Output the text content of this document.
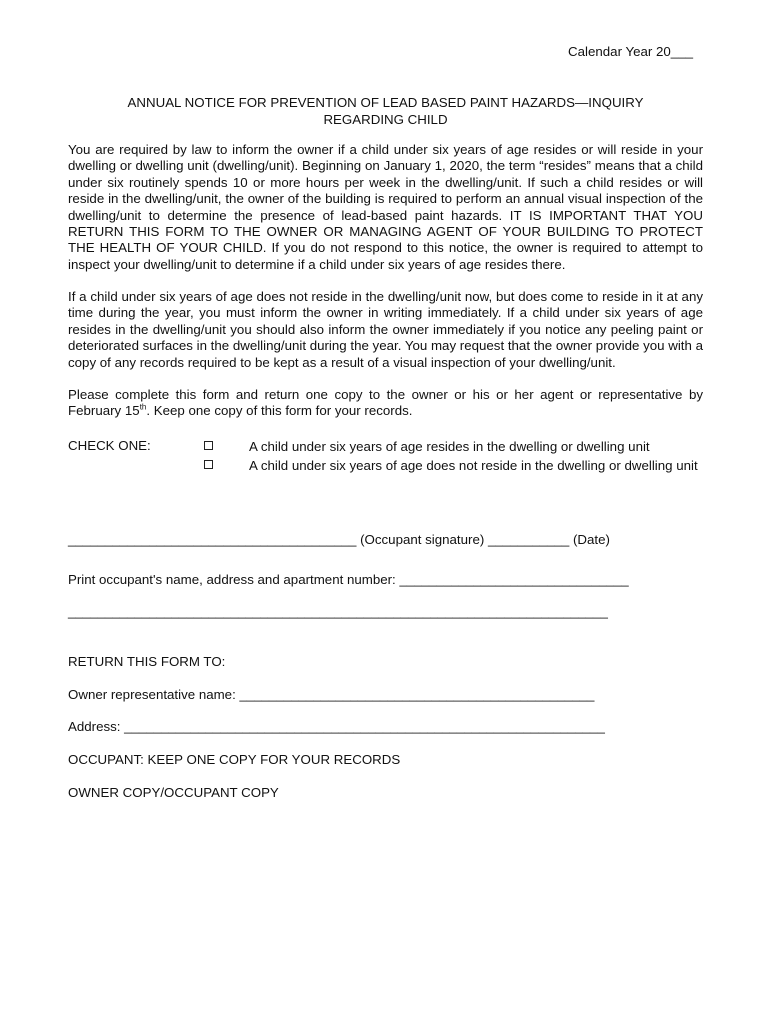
Calendar Year 20___
ANNUAL NOTICE FOR PREVENTION OF LEAD BASED PAINT HAZARDS—INQUIRY
REGARDING CHILD

You are required by law to inform the owner if a child under six years of age resides or will reside in your dwelling or dwelling unit (dwelling/unit). Beginning on January 1, 2020, the term “resides” means that a child under six routinely spends 10 or more hours per week in the dwelling/unit. If such a child resides or will reside in the dwelling/unit, the owner of the building is required to perform an annual visual inspection of the dwelling/unit to determine the presence of lead-based paint hazards. IT IS IMPORTANT THAT YOU RETURN THIS FORM TO THE OWNER OR MANAGING AGENT OF YOUR BUILDING TO PROTECT THE HEALTH OF YOUR CHILD. If you do not respond to this notice, the owner is required to attempt to inspect your dwelling/unit to determine if a child under six years of age resides there.

If a child under six years of age does not reside in the dwelling/unit now, but does come to reside in it at any time during the year, you must inform the owner in writing immediately. If a child under six years of age resides in the dwelling/unit you should also inform the owner immediately if you notice any peeling paint or deteriorated surfaces in the dwelling/unit during the year. You may request that the owner provide you with a copy of any records required to be kept as a result of a visual inspection of your dwelling/unit.

Please complete this form and return one copy to the owner or his or her agent or representative by February 15th. Keep one copy of this form for your records.

CHECK ONE:	A child under six years of age resides in the dwelling or dwelling unit
A child under six years of age does not reside in the dwelling or dwelling unit
_______________________________________ (Occupant signature) ___________ (Date)
Print occupant's name, address and apartment number: _______________________________
_________________________________________________________________________
RETURN THIS FORM TO:
Owner representative name: ________________________________________________
Address: _________________________________________________________________
OCCUPANT: KEEP ONE COPY FOR YOUR RECORDS
OWNER COPY/OCCUPANT COPY
